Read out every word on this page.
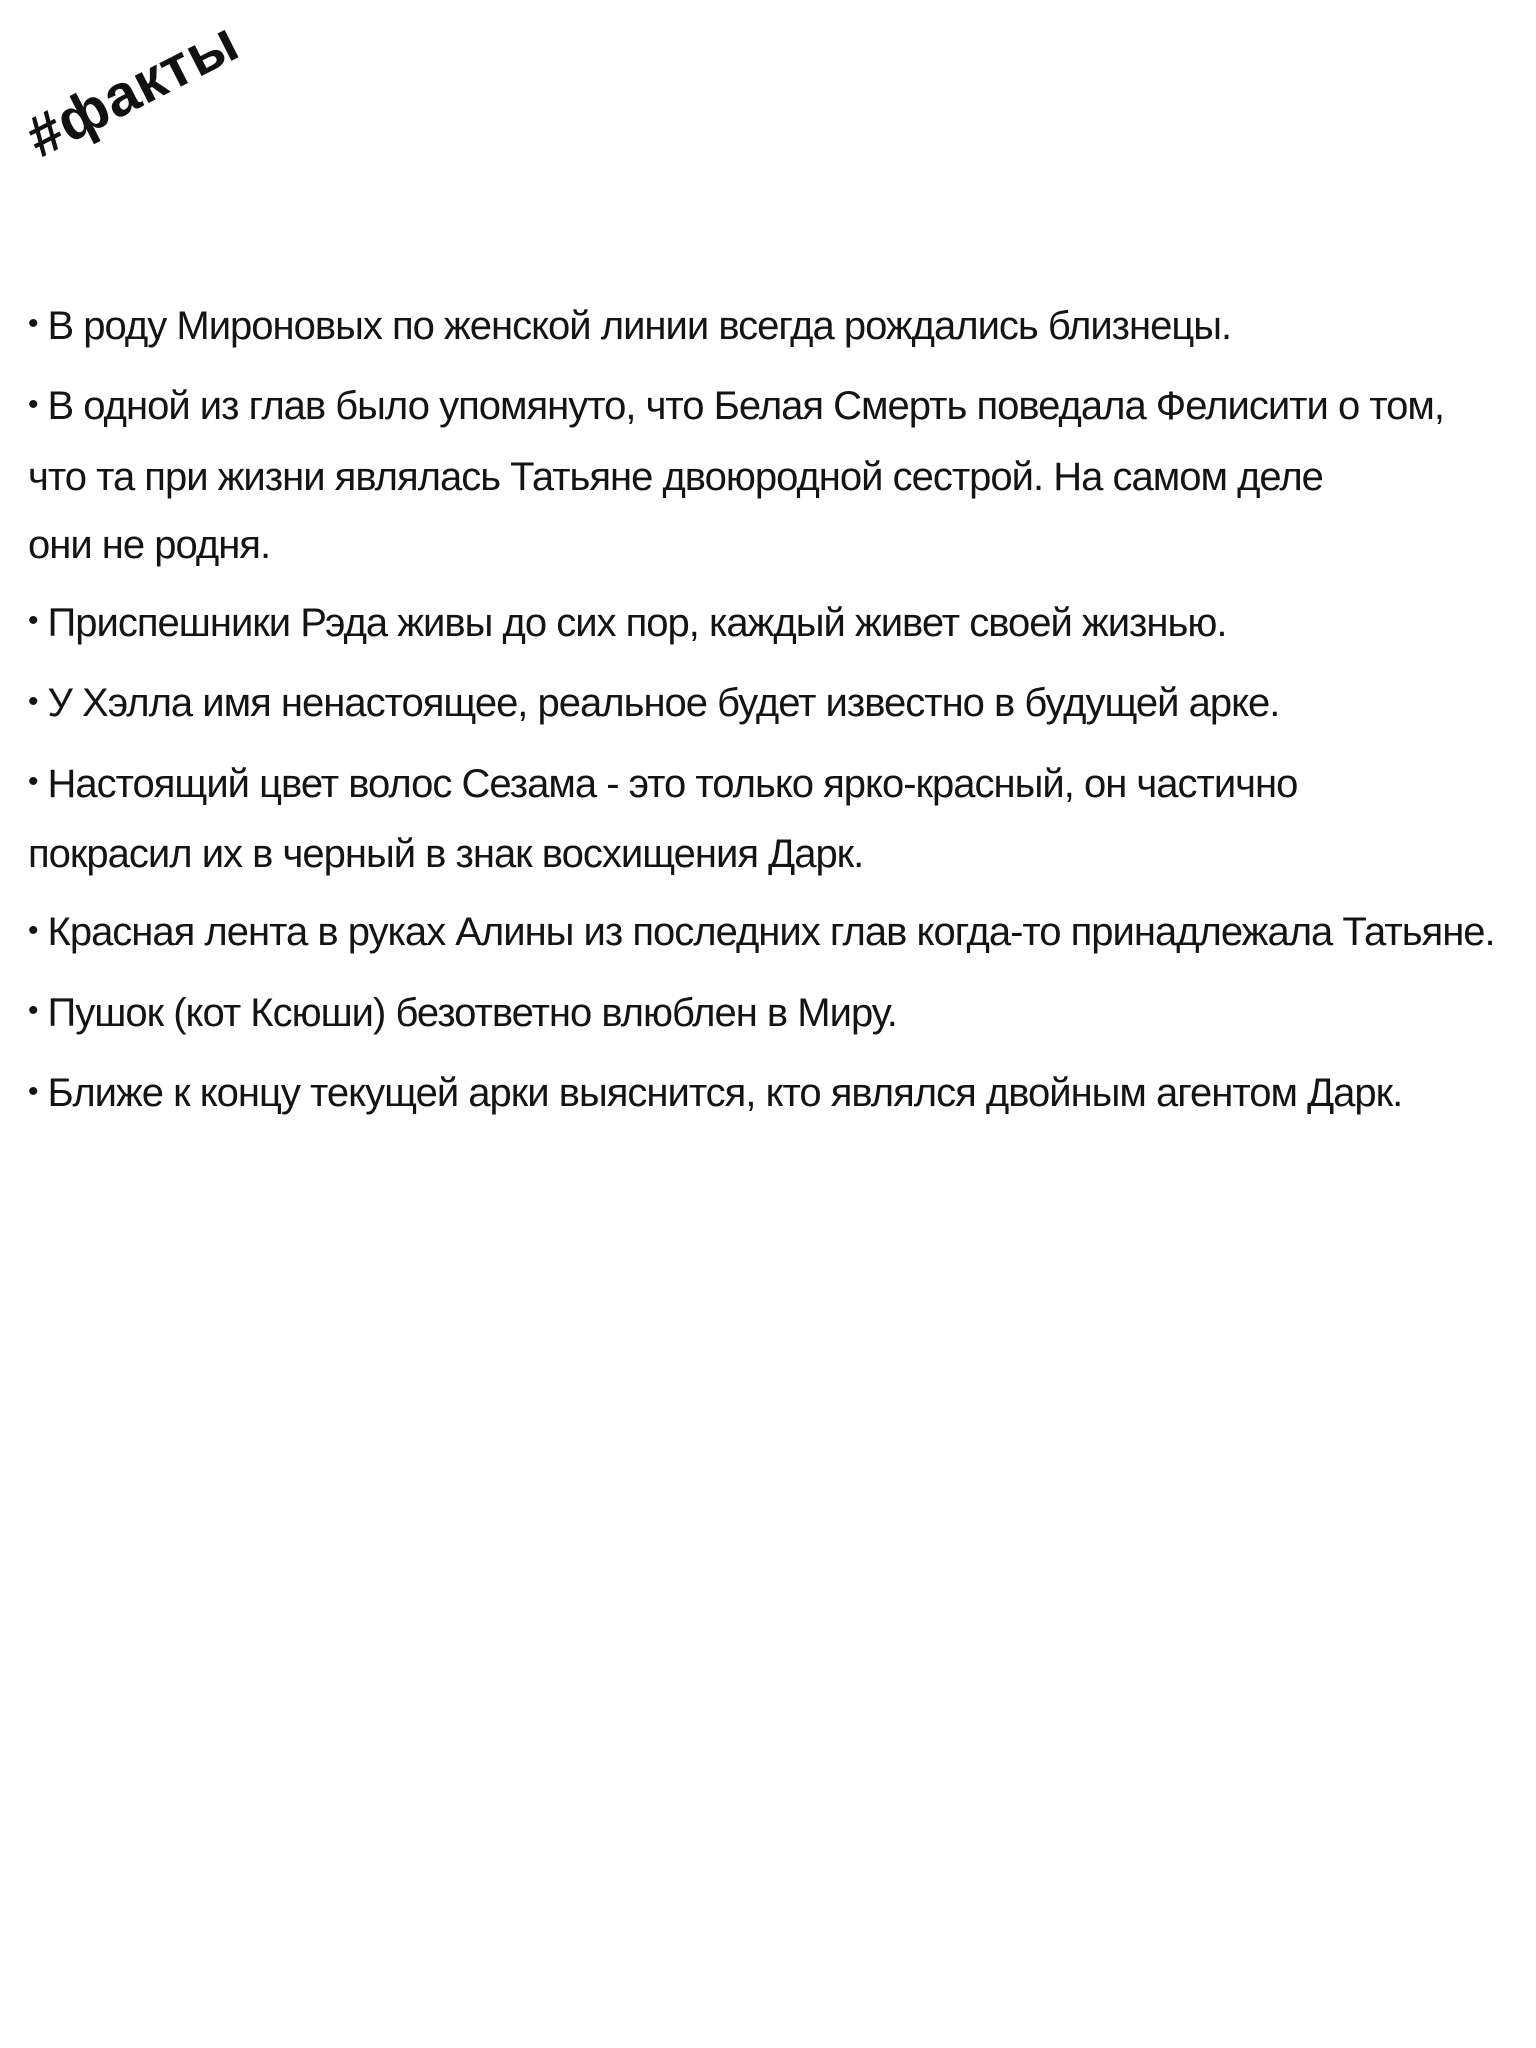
#факты
• В роду Мироновых по женской линии всегда рождались близнецы.
• В одной из глав было упомянуто, что Белая Смерть поведала Фелисити о том,
что та при жизни являлась Татьяне двоюродной сестрой. На самом деле
они не родня.
• Приспешники Рэда живы до сих пор, каждый живет своей жизнью.
• У Хэлла имя ненастоящее, реальное будет известно в будущей арке.
• Настоящий цвет волос Сезама - это только ярко-красный, он частично
покрасил их в черный в знак восхищения Дарк.
• Красная лента в руках Алины из последних глав когда-то принадлежала Татьяне.
• Пушок (кот Ксюши) безответно влюблен в Миру.
• Ближе к концу текущей арки выяснится, кто являлся двойным агентом Дарк.
